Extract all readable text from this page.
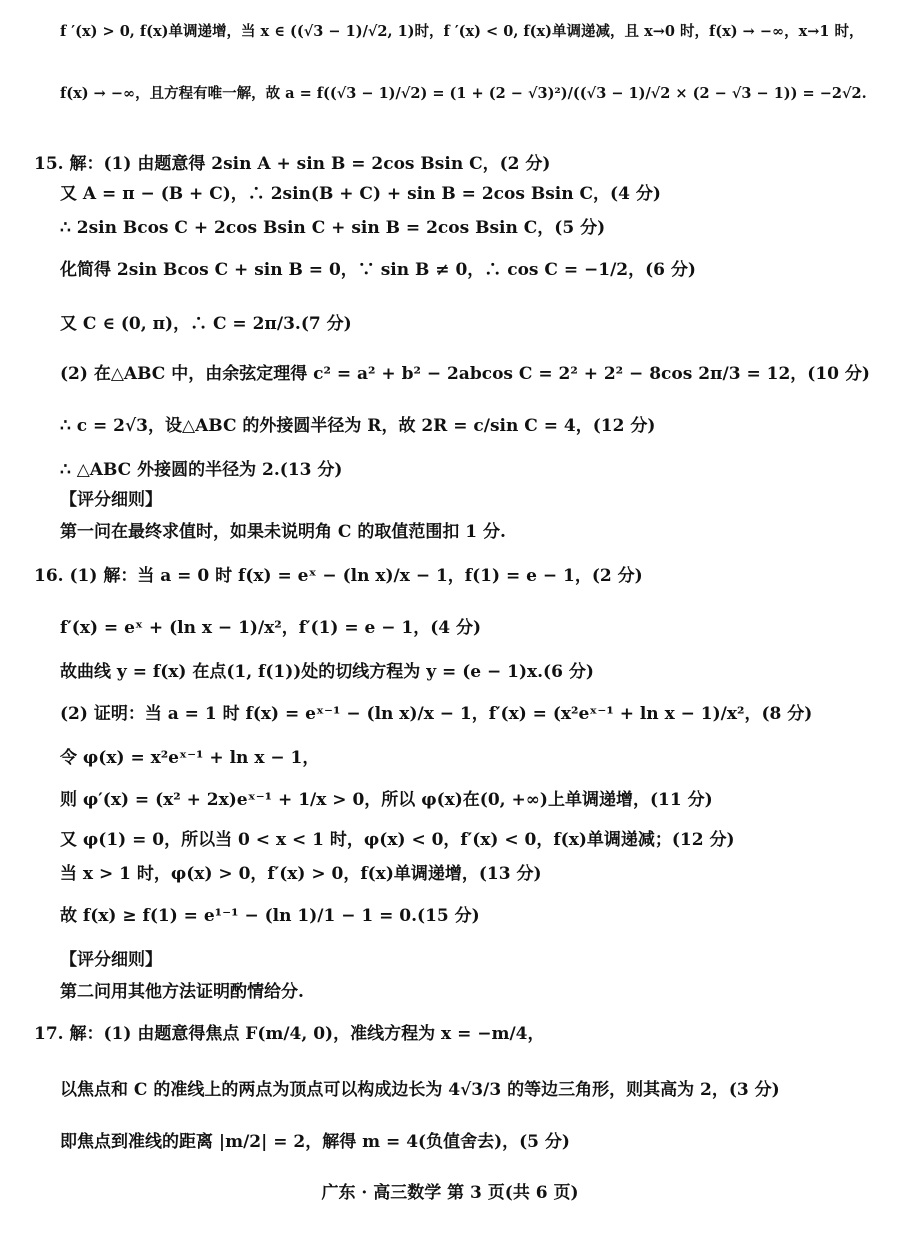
f ′(x) > 0, f(x)单调递增，当 x ∈ ((√3 − 1)/√2, 1)时，f ′(x) < 0, f(x)单调递减，且 x→0 时，f(x) → −∞，x→1 时，
f(x) → −∞，且方程有唯一解，故 a = f((√3 − 1)/√2) = (1 + (2 − √3)²)/((√3 − 1)/√2 × (2 − √3 − 1)) = −2√2.
15. 解：(1) 由题意得 2sin A + sin B = 2cos Bsin C，(2 分)
又 A = π − (B + C)，∴ 2sin(B + C) + sin B = 2cos Bsin C，(4 分)
∴ 2sin Bcos C + 2cos Bsin C + sin B = 2cos Bsin C，(5 分)
化简得 2sin Bcos C + sin B = 0，∵ sin B ≠ 0，∴ cos C = −1/2，(6 分)
又 C ∈ (0, π)，∴ C = 2π/3.(7 分)
(2) 在△ABC 中，由余弦定理得 c² = a² + b² − 2abcos C = 2² + 2² − 8cos 2π/3 = 12，(10 分)
∴ c = 2√3，设△ABC 的外接圆半径为 R，故 2R = c/sin C = 4，(12 分)
∴ △ABC 外接圆的半径为 2.(13 分)
【评分细则】
第一问在最终求值时，如果未说明角 C 的取值范围扣 1 分.
16. (1) 解：当 a = 0 时 f(x) = eˣ − (ln x)/x − 1，f(1) = e − 1，(2 分)
f′(x) = eˣ + (ln x − 1)/x²，f′(1) = e − 1，(4 分)
故曲线 y = f(x) 在点(1, f(1))处的切线方程为 y = (e − 1)x.(6 分)
(2) 证明：当 a = 1 时 f(x) = eˣ⁻¹ − (ln x)/x − 1，f′(x) = (x²eˣ⁻¹ + ln x − 1)/x²，(8 分)
令 φ(x) = x²eˣ⁻¹ + ln x − 1，
则 φ′(x) = (x² + 2x)eˣ⁻¹ + 1/x > 0，所以 φ(x)在(0, +∞)上单调递增，(11 分)
又 φ(1) = 0，所以当 0 < x < 1 时，φ(x) < 0，f′(x) < 0，f(x)单调递减；(12 分)
当 x > 1 时，φ(x) > 0，f′(x) > 0，f(x)单调递增，(13 分)
故 f(x) ≥ f(1) = e¹⁻¹ − (ln 1)/1 − 1 = 0.(15 分)
【评分细则】
第二问用其他方法证明酌情给分.
17. 解：(1) 由题意得焦点 F(m/4, 0)，准线方程为 x = −m/4，
以焦点和 C 的准线上的两点为顶点可以构成边长为 4√3/3 的等边三角形，则其高为 2，(3 分)
即焦点到准线的距离 |m/2| = 2，解得 m = 4(负值舍去)，(5 分)
广东 · 高三数学 第 3 页(共 6 页)
